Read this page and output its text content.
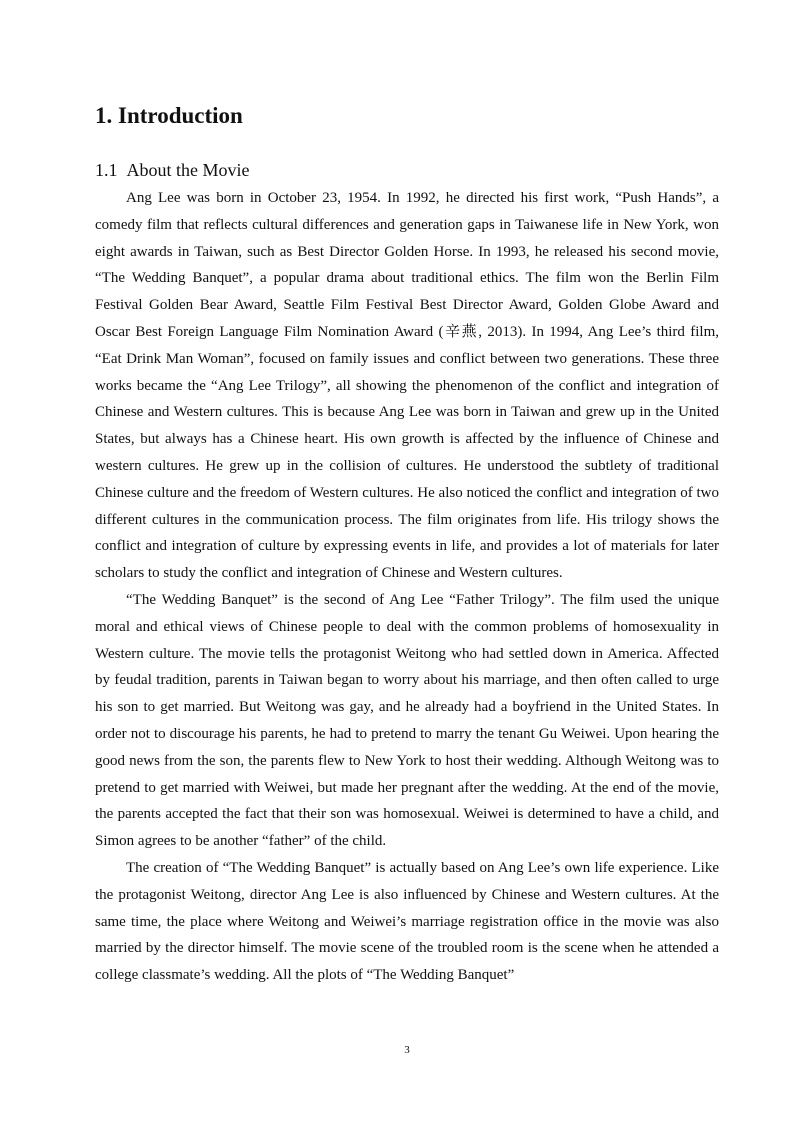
1. Introduction
1.1 About the Movie

Ang Lee was born in October 23, 1954. In 1992, he directed his first work, “Push Hands”, a comedy film that reflects cultural differences and generation gaps in Taiwanese life in New York, won eight awards in Taiwan, such as Best Director Golden Horse. In 1993, he released his second movie, “The Wedding Banquet”, a popular drama about traditional ethics. The film won the Berlin Film Festival Golden Bear Award, Seattle Film Festival Best Director Award, Golden Globe Award and Oscar Best Foreign Language Film Nomination Award (辛燕, 2013). In 1994, Ang Lee’s third film, “Eat Drink Man Woman”, focused on family issues and conflict between two generations. These three works became the “Ang Lee Trilogy”, all showing the phenomenon of the conflict and integration of Chinese and Western cultures. This is because Ang Lee was born in Taiwan and grew up in the United States, but always has a Chinese heart. His own growth is affected by the influence of Chinese and western cultures. He grew up in the collision of cultures. He understood the subtlety of traditional Chinese culture and the freedom of Western cultures. He also noticed the conflict and integration of two different cultures in the communication process. The film originates from life. His trilogy shows the conflict and integration of culture by expressing events in life, and provides a lot of materials for later scholars to study the conflict and integration of Chinese and Western cultures.

“The Wedding Banquet” is the second of Ang Lee “Father Trilogy”. The film used the unique moral and ethical views of Chinese people to deal with the common problems of homosexuality in Western culture. The movie tells the protagonist Weitong who had settled down in America. Affected by feudal tradition, parents in Taiwan began to worry about his marriage, and then often called to urge his son to get married. But Weitong was gay, and he already had a boyfriend in the United States. In order not to discourage his parents, he had to pretend to marry the tenant Gu Weiwei. Upon hearing the good news from the son, the parents flew to New York to host their wedding. Although Weitong was to pretend to get married with Weiwei, but made her pregnant after the wedding. At the end of the movie, the parents accepted the fact that their son was homosexual. Weiwei is determined to have a child, and Simon agrees to be another “father” of the child.

The creation of “The Wedding Banquet” is actually based on Ang Lee’s own life experience. Like the protagonist Weitong, director Ang Lee is also influenced by Chinese and Western cultures. At the same time, the place where Weitong and Weiwei’s marriage registration office in the movie was also married by the director himself. The movie scene of the troubled room is the scene when he attended a college classmate’s wedding. All the plots of “The Wedding Banquet”

3
